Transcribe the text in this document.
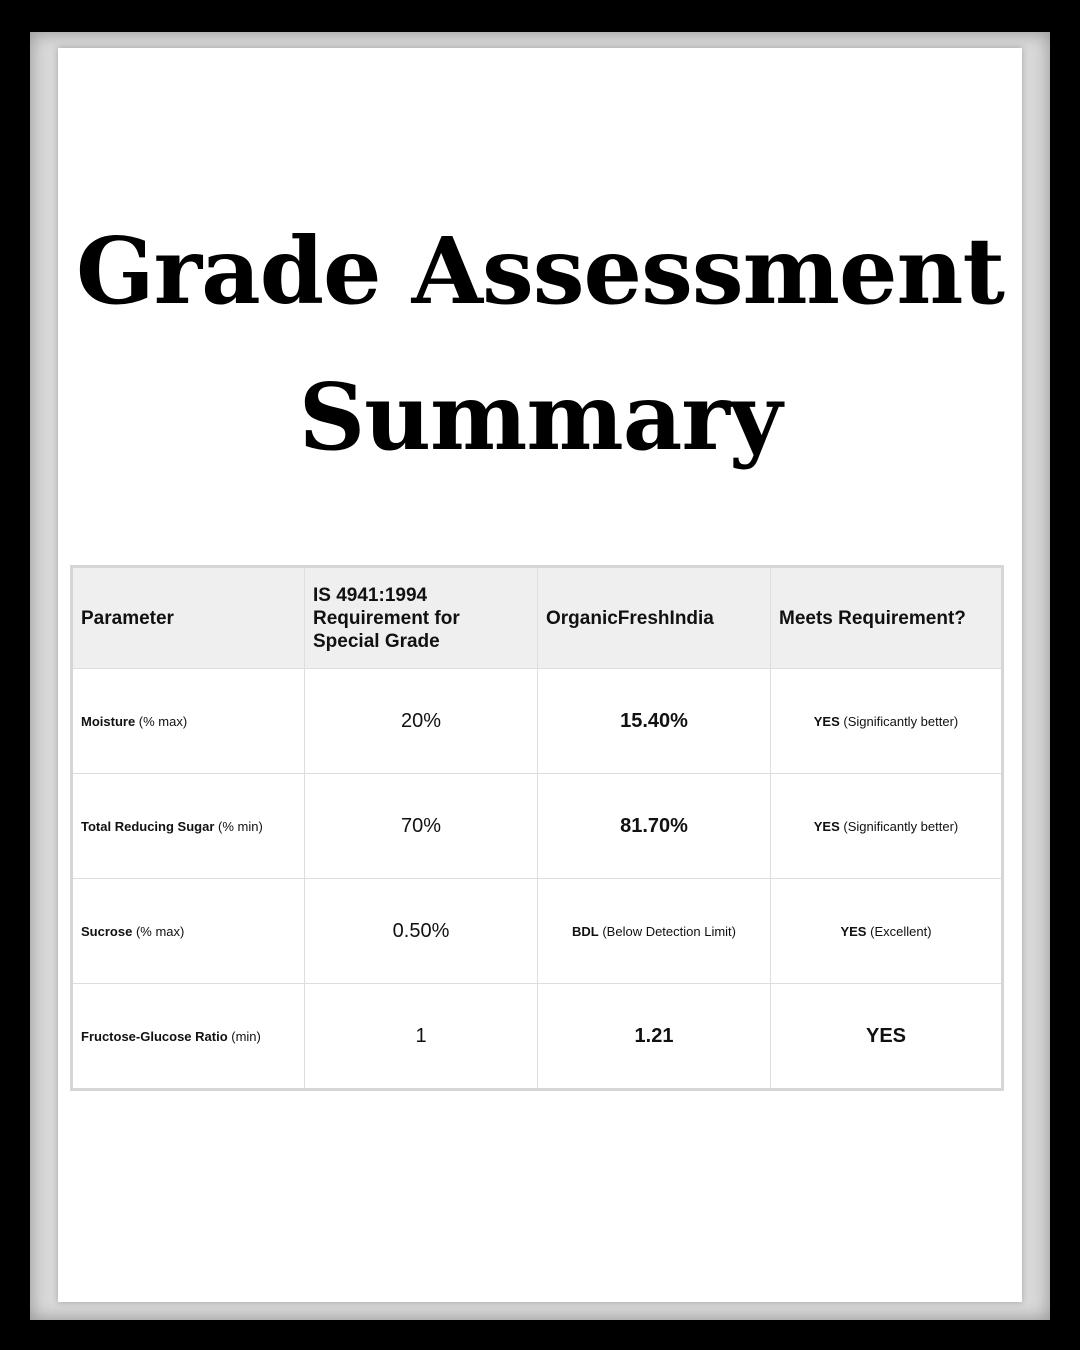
Grade Assessment
Summary
Parameter	IS 4941:1994 Requirement for Special Grade	OrganicFreshIndia	Meets Requirement?
Moisture (% max)	20%	15.40%	YES (Significantly better)
Total Reducing Sugar (% min)	70%	81.70%	YES (Significantly better)
Sucrose (% max)	0.50%	BDL (Below Detection Limit)	YES (Excellent)
Fructose-Glucose Ratio (min)	1	1.21	YES
